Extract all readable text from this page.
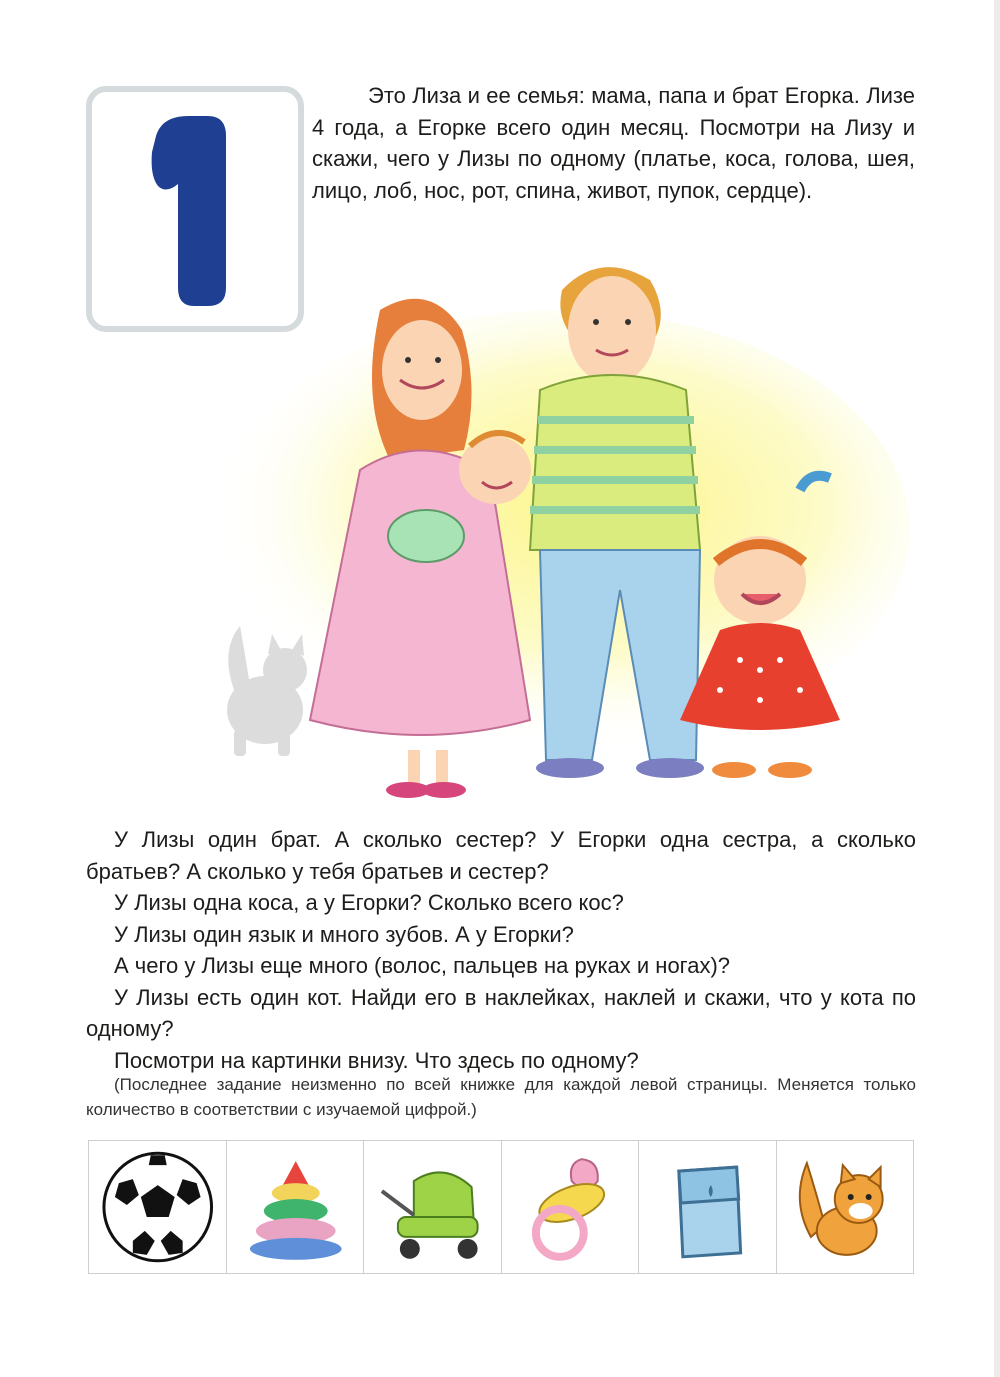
Это Лиза и ее семья: мама, папа и брат Егорка. Лизе 4 года, а Егорке всего один месяц. Посмотри на Лизу и скажи, чего у Лизы по одному (платье, коса, голова, шея, лицо, лоб, нос, рот, спина, живот, пупок, сердце).

У Лизы один брат. А сколько сестер? У Егорки одна сестра, а сколько братьев? А сколько у тебя братьев и сестер?

У Лизы одна коса, а у Егорки? Сколько всего кос?

У Лизы один язык и много зубов. А у Егорки?

А чего у Лизы еще много (волос, пальцев на руках и ногах)?

У Лизы есть один кот. Найди его в наклейках, наклей и скажи, что у кота по одному?

Посмотри на картинки внизу. Что здесь по одному?

(Последнее задание неизменно по всей книжке для каждой левой страницы. Меняется только количество в соответствии с изучаемой цифрой.)
